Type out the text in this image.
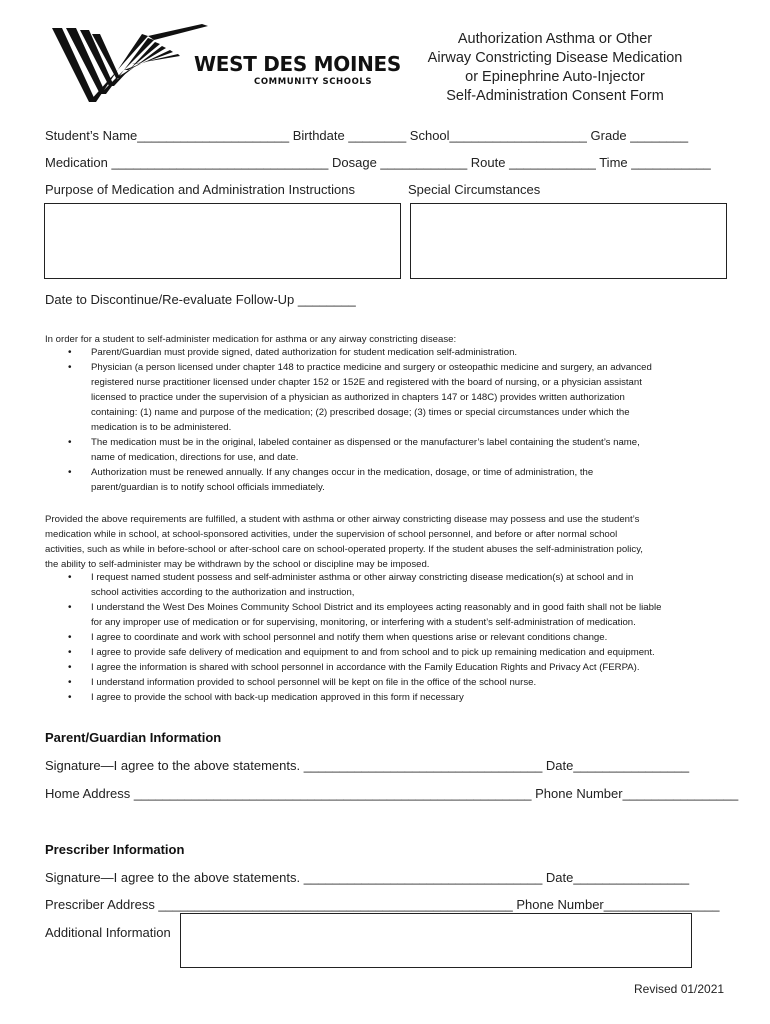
WEST DES MOINES
COMMUNITY SCHOOLS
Authorization Asthma or Other
Airway Constricting Disease Medication
or Epinephrine Auto-Injector
Self-Administration Consent Form
Student’s Name_____________________ Birthdate ________ School___________________ Grade ________
Medication ______________________________ Dosage ____________ Route ____________ Time ___________
Purpose of Medication and Administration Instructions	Special Circumstances
Date to Discontinue/Re-evaluate Follow-Up ________
In order for a student to self-administer medication for asthma or any airway constricting disease:
• Parent/Guardian must provide signed, dated authorization for student medication self-administration.
• Physician (a person licensed under chapter 148 to practice medicine and surgery or osteopathic medicine and surgery, an advanced
registered nurse practitioner licensed under chapter 152 or 152E and registered with the board of nursing, or a physician assistant
licensed to practice under the supervision of a physician as authorized in chapters 147 or 148C) provides written authorization
containing: (1) name and purpose of the medication; (2) prescribed dosage; (3) times or special circumstances under which the
medication is to be administered.
• The medication must be in the original, labeled container as dispensed or the manufacturer’s label containing the student’s name,
name of medication, directions for use, and date.
• Authorization must be renewed annually. If any changes occur in the medication, dosage, or time of administration, the
parent/guardian is to notify school officials immediately.
Provided the above requirements are fulfilled, a student with asthma or other airway constricting disease may possess and use the student’s
medication while in school, at school-sponsored activities, under the supervision of school personnel, and before or after normal school
activities, such as while in before-school or after-school care on school-operated property. If the student abuses the self-administration policy,
the ability to self-administer may be withdrawn by the school or discipline may be imposed.
• I request named student possess and self-administer asthma or other airway constricting disease medication(s) at school and in
school activities according to the authorization and instruction,
• I understand the West Des Moines Community School District and its employees acting reasonably and in good faith shall not be liable
for any improper use of medication or for supervising, monitoring, or interfering with a student’s self-administration of medication.
• I agree to coordinate and work with school personnel and notify them when questions arise or relevant conditions change.
• I agree to provide safe delivery of medication and equipment to and from school and to pick up remaining medication and equipment.
• I agree the information is shared with school personnel in accordance with the Family Education Rights and Privacy Act (FERPA).
• I understand information provided to school personnel will be kept on file in the office of the school nurse.
• I agree to provide the school with back-up medication approved in this form if necessary
Parent/Guardian Information
Signature—I agree to the above statements. _________________________________ Date________________
Home Address _______________________________________________________ Phone Number________________
Prescriber Information
Signature—I agree to the above statements. _________________________________ Date________________
Prescriber Address _________________________________________________ Phone Number________________
Additional Information
Revised 01/2021
